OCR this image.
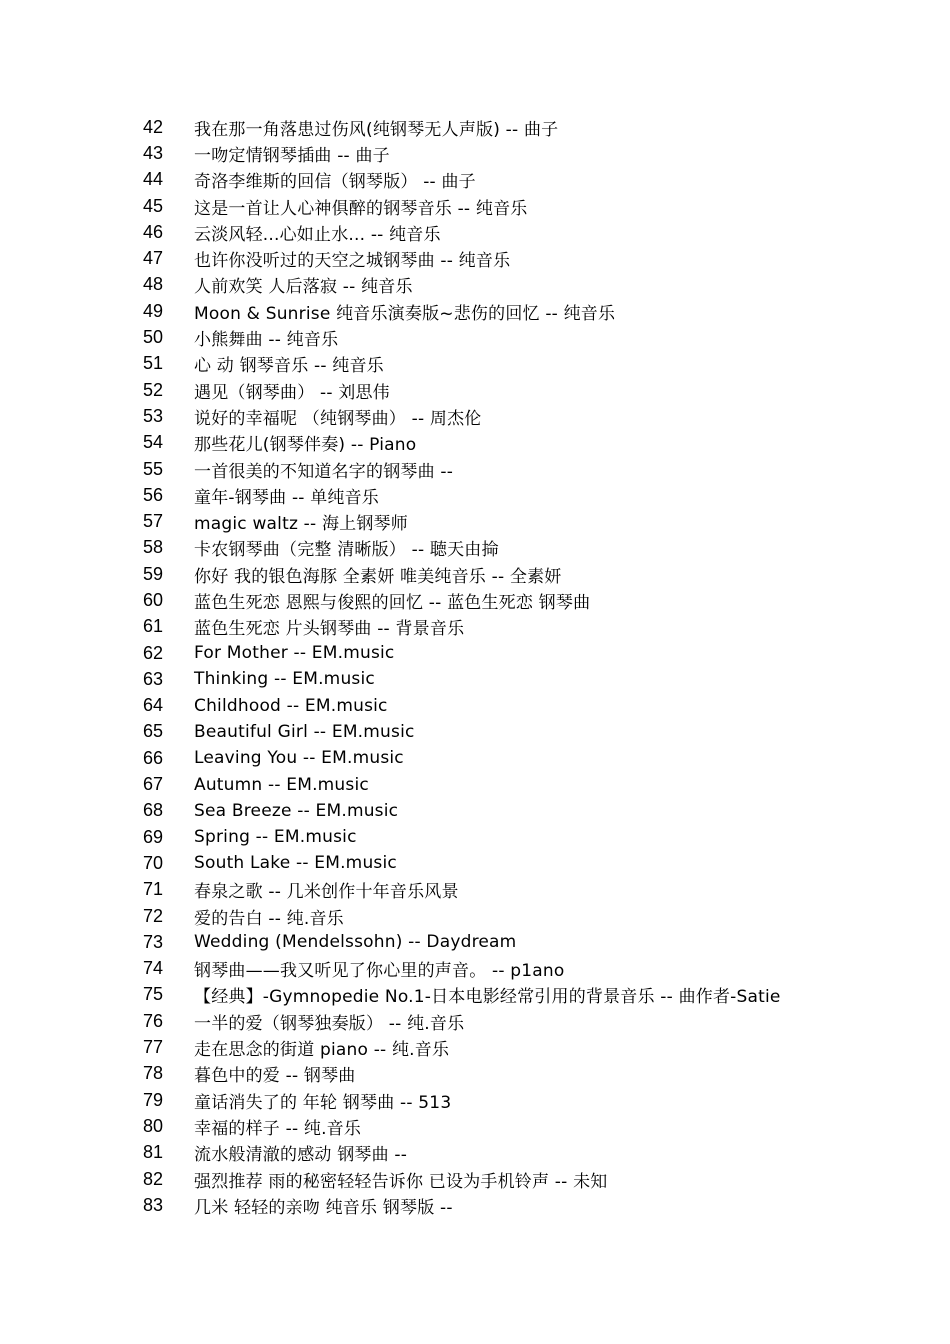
42	我在那一角落患过伤风(纯钢琴无人声版) -- 曲子
43	一吻定情钢琴插曲 -- 曲子
44	奇洛李维斯的回信（钢琴版） -- 曲子
45	这是一首让人心神俱醉的钢琴音乐 -- 纯音乐
46	云淡风轻...心如止水... -- 纯音乐
47	也许你没听过的天空之城钢琴曲 -- 纯音乐
48	人前欢笑 人后落寂 -- 纯音乐
49	Moon & Sunrise 纯音乐演奏版~悲伤的回忆 -- 纯音乐
50	小熊舞曲 -- 纯音乐
51	心 动 钢琴音乐 -- 纯音乐
52	遇见（钢琴曲） -- 刘思伟
53	说好的幸福呢 （纯钢琴曲） -- 周杰伦
54	那些花儿(钢琴伴奏) -- Piano
55	一首很美的不知道名字的钢琴曲 --
56	童年-钢琴曲 -- 单纯音乐
57	magic waltz -- 海上钢琴师
58	卡农钢琴曲（完整 清晰版） -- 聴天由掵
59	你好 我的银色海豚 全素妍 唯美纯音乐 -- 全素妍
60	蓝色生死恋 恩熙与俊熙的回忆 -- 蓝色生死恋 钢琴曲
61	蓝色生死恋 片头钢琴曲 -- 背景音乐
62	For Mother -- EM.music
63	Thinking -- EM.music
64	Childhood -- EM.music
65	Beautiful Girl -- EM.music
66	Leaving You -- EM.music
67	Autumn -- EM.music
68	Sea Breeze -- EM.music
69	Spring -- EM.music
70	South Lake -- EM.music
71	春泉之歌 -- 几米创作十年音乐风景
72	爱的告白 -- 纯.音乐
73	Wedding (Mendelssohn) -- Daydream
74	钢琴曲——我又听见了你心里的声音。 -- p1ano
75	【经典】-Gymnopedie No.1-日本电影经常引用的背景音乐 -- 曲作者-Satie
76	一半的爱（钢琴独奏版） -- 纯.音乐
77	走在思念的街道 piano -- 纯.音乐
78	暮色中的爱 -- 钢琴曲
79	童话消失了的 年轮 钢琴曲 -- 513
80	幸福的样子 -- 纯.音乐
81	流水般清澈的感动 钢琴曲 --
82	强烈推荐 雨的秘密轻轻告诉你 已设为手机铃声 -- 未知
83	几米 轻轻的亲吻 纯音乐 钢琴版 --
